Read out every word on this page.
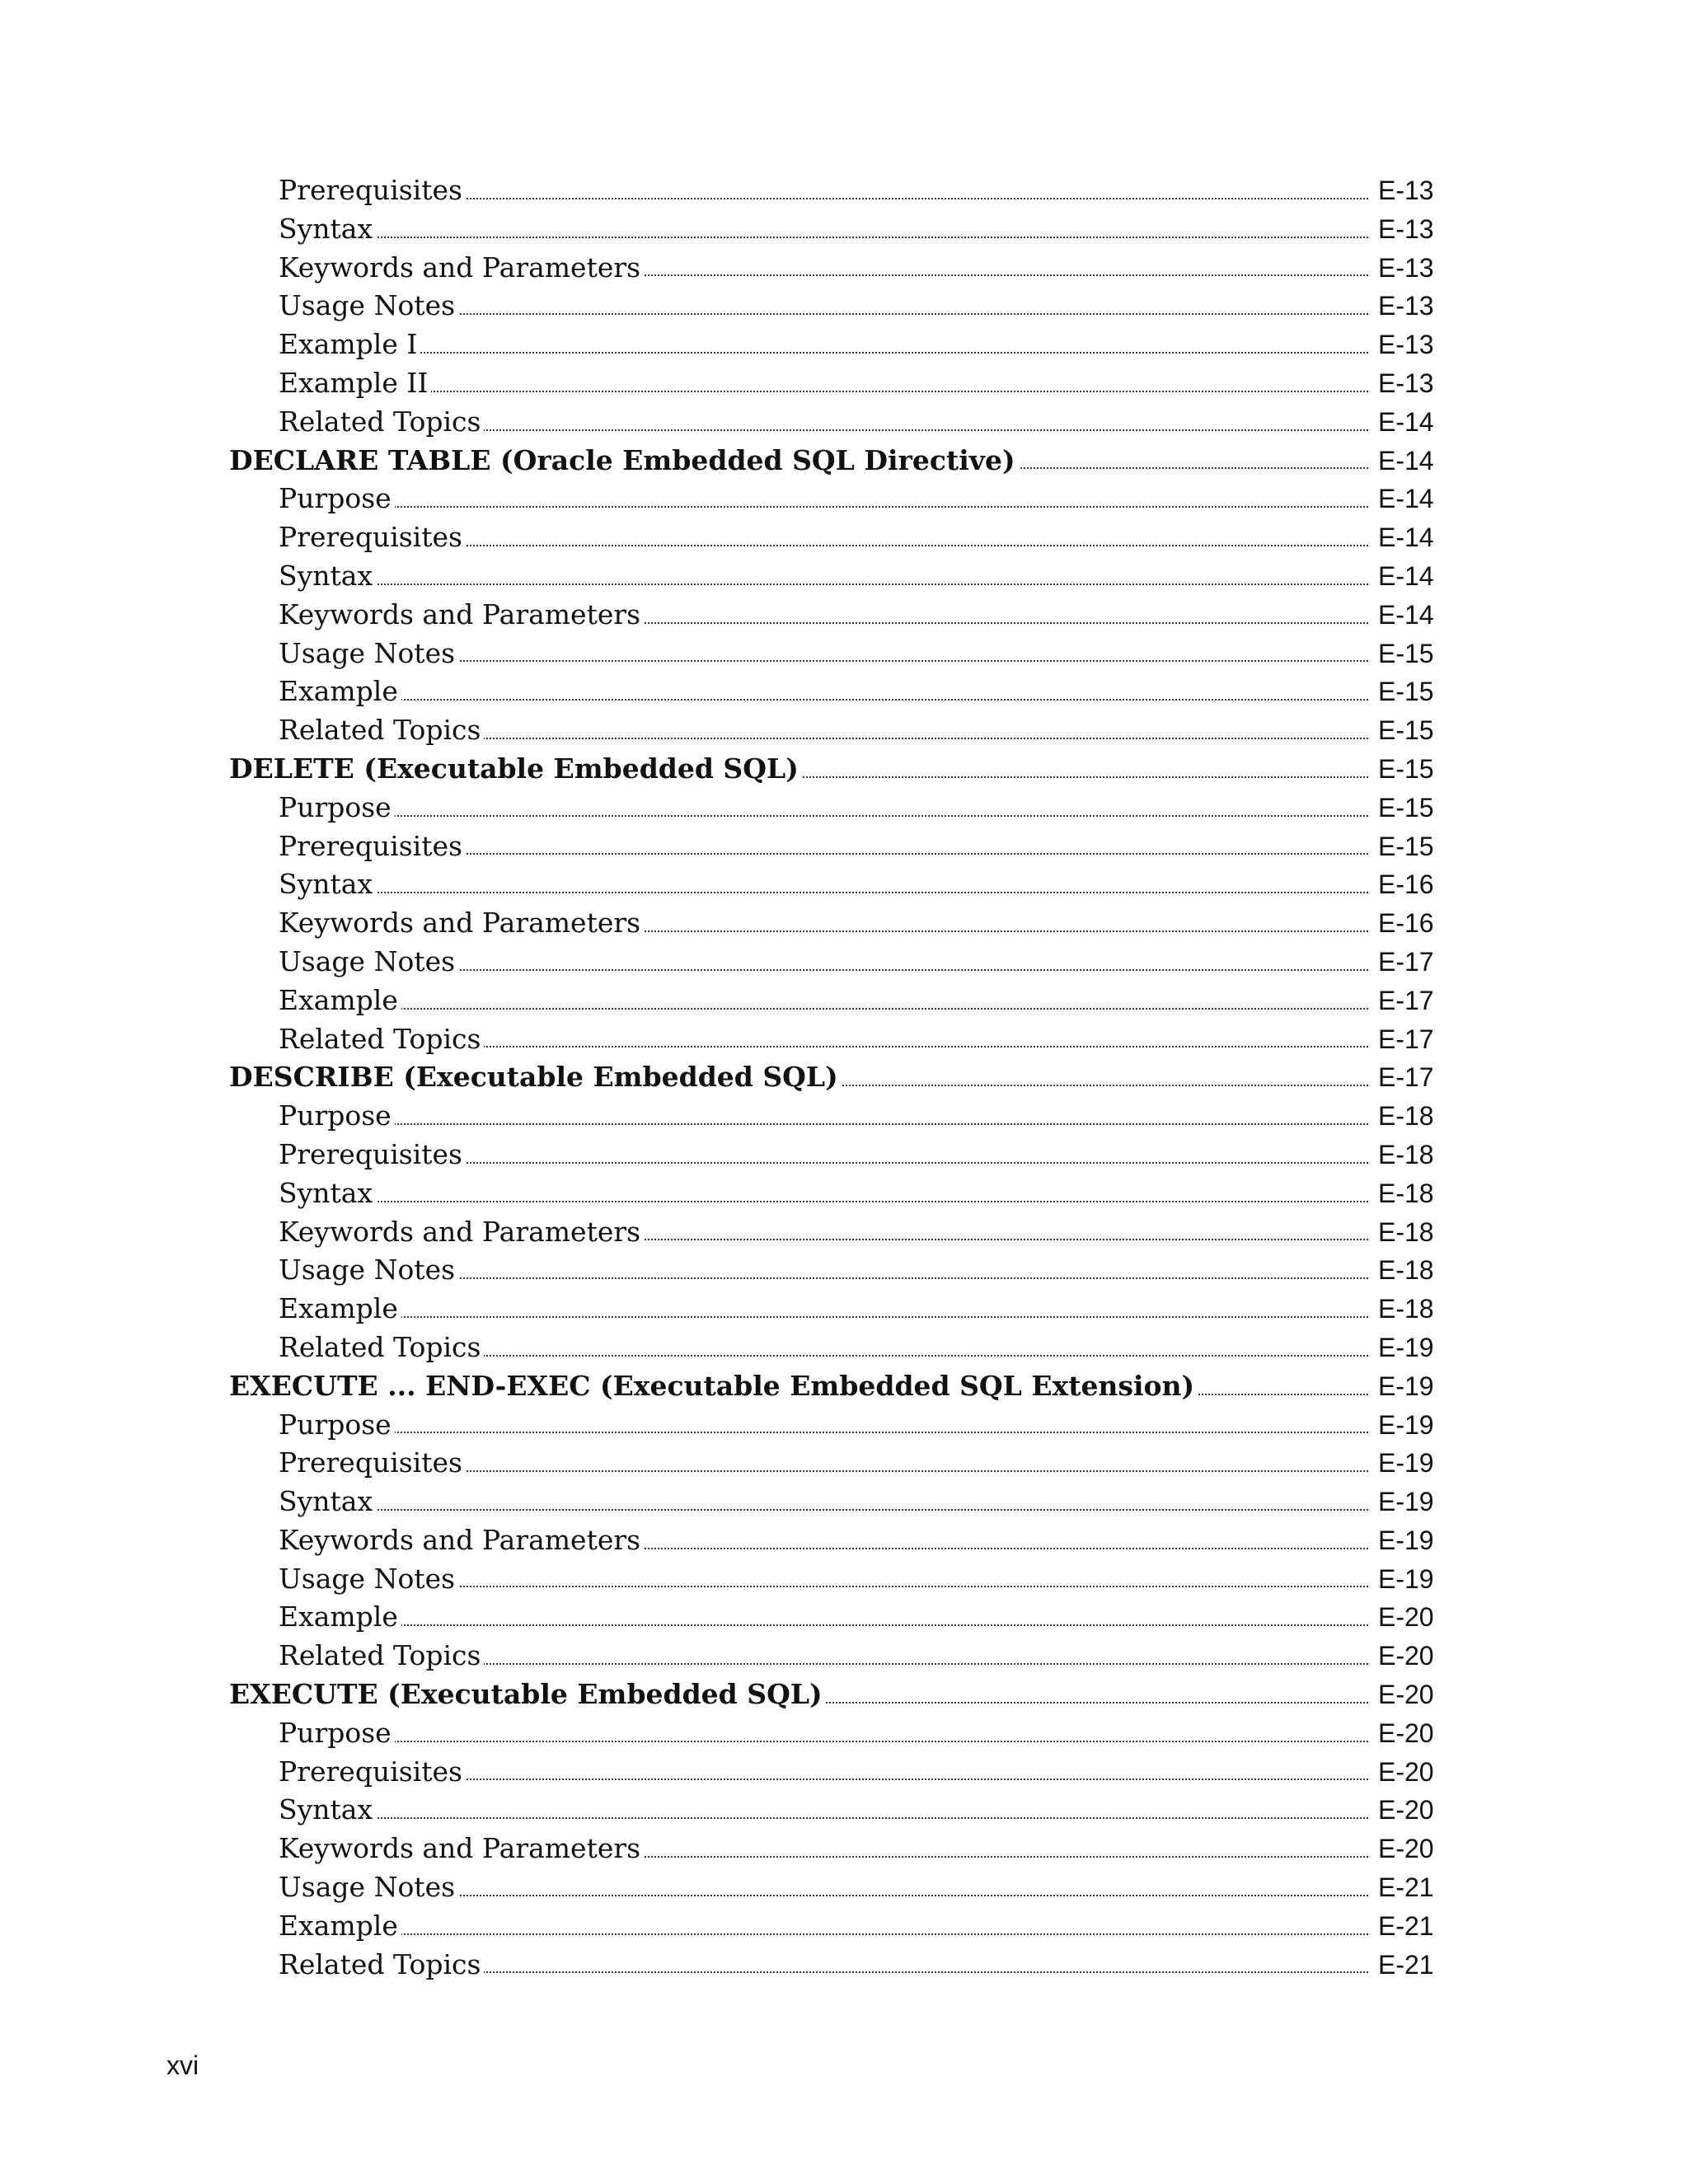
Prerequisites	E-13
Syntax	E-13
Keywords and Parameters	E-13
Usage Notes	E-13
Example I	E-13
Example II	E-13
Related Topics	E-14
DECLARE TABLE (Oracle Embedded SQL Directive)	E-14
Purpose	E-14
Prerequisites	E-14
Syntax	E-14
Keywords and Parameters	E-14
Usage Notes	E-15
Example	E-15
Related Topics	E-15
DELETE (Executable Embedded SQL)	E-15
Purpose	E-15
Prerequisites	E-15
Syntax	E-16
Keywords and Parameters	E-16
Usage Notes	E-17
Example	E-17
Related Topics	E-17
DESCRIBE (Executable Embedded SQL)	E-17
Purpose	E-18
Prerequisites	E-18
Syntax	E-18
Keywords and Parameters	E-18
Usage Notes	E-18
Example	E-18
Related Topics	E-19
EXECUTE ... END-EXEC (Executable Embedded SQL Extension)	E-19
Purpose	E-19
Prerequisites	E-19
Syntax	E-19
Keywords and Parameters	E-19
Usage Notes	E-19
Example	E-20
Related Topics	E-20
EXECUTE (Executable Embedded SQL)	E-20
Purpose	E-20
Prerequisites	E-20
Syntax	E-20
Keywords and Parameters	E-20
Usage Notes	E-21
Example	E-21
Related Topics	E-21
xvi
